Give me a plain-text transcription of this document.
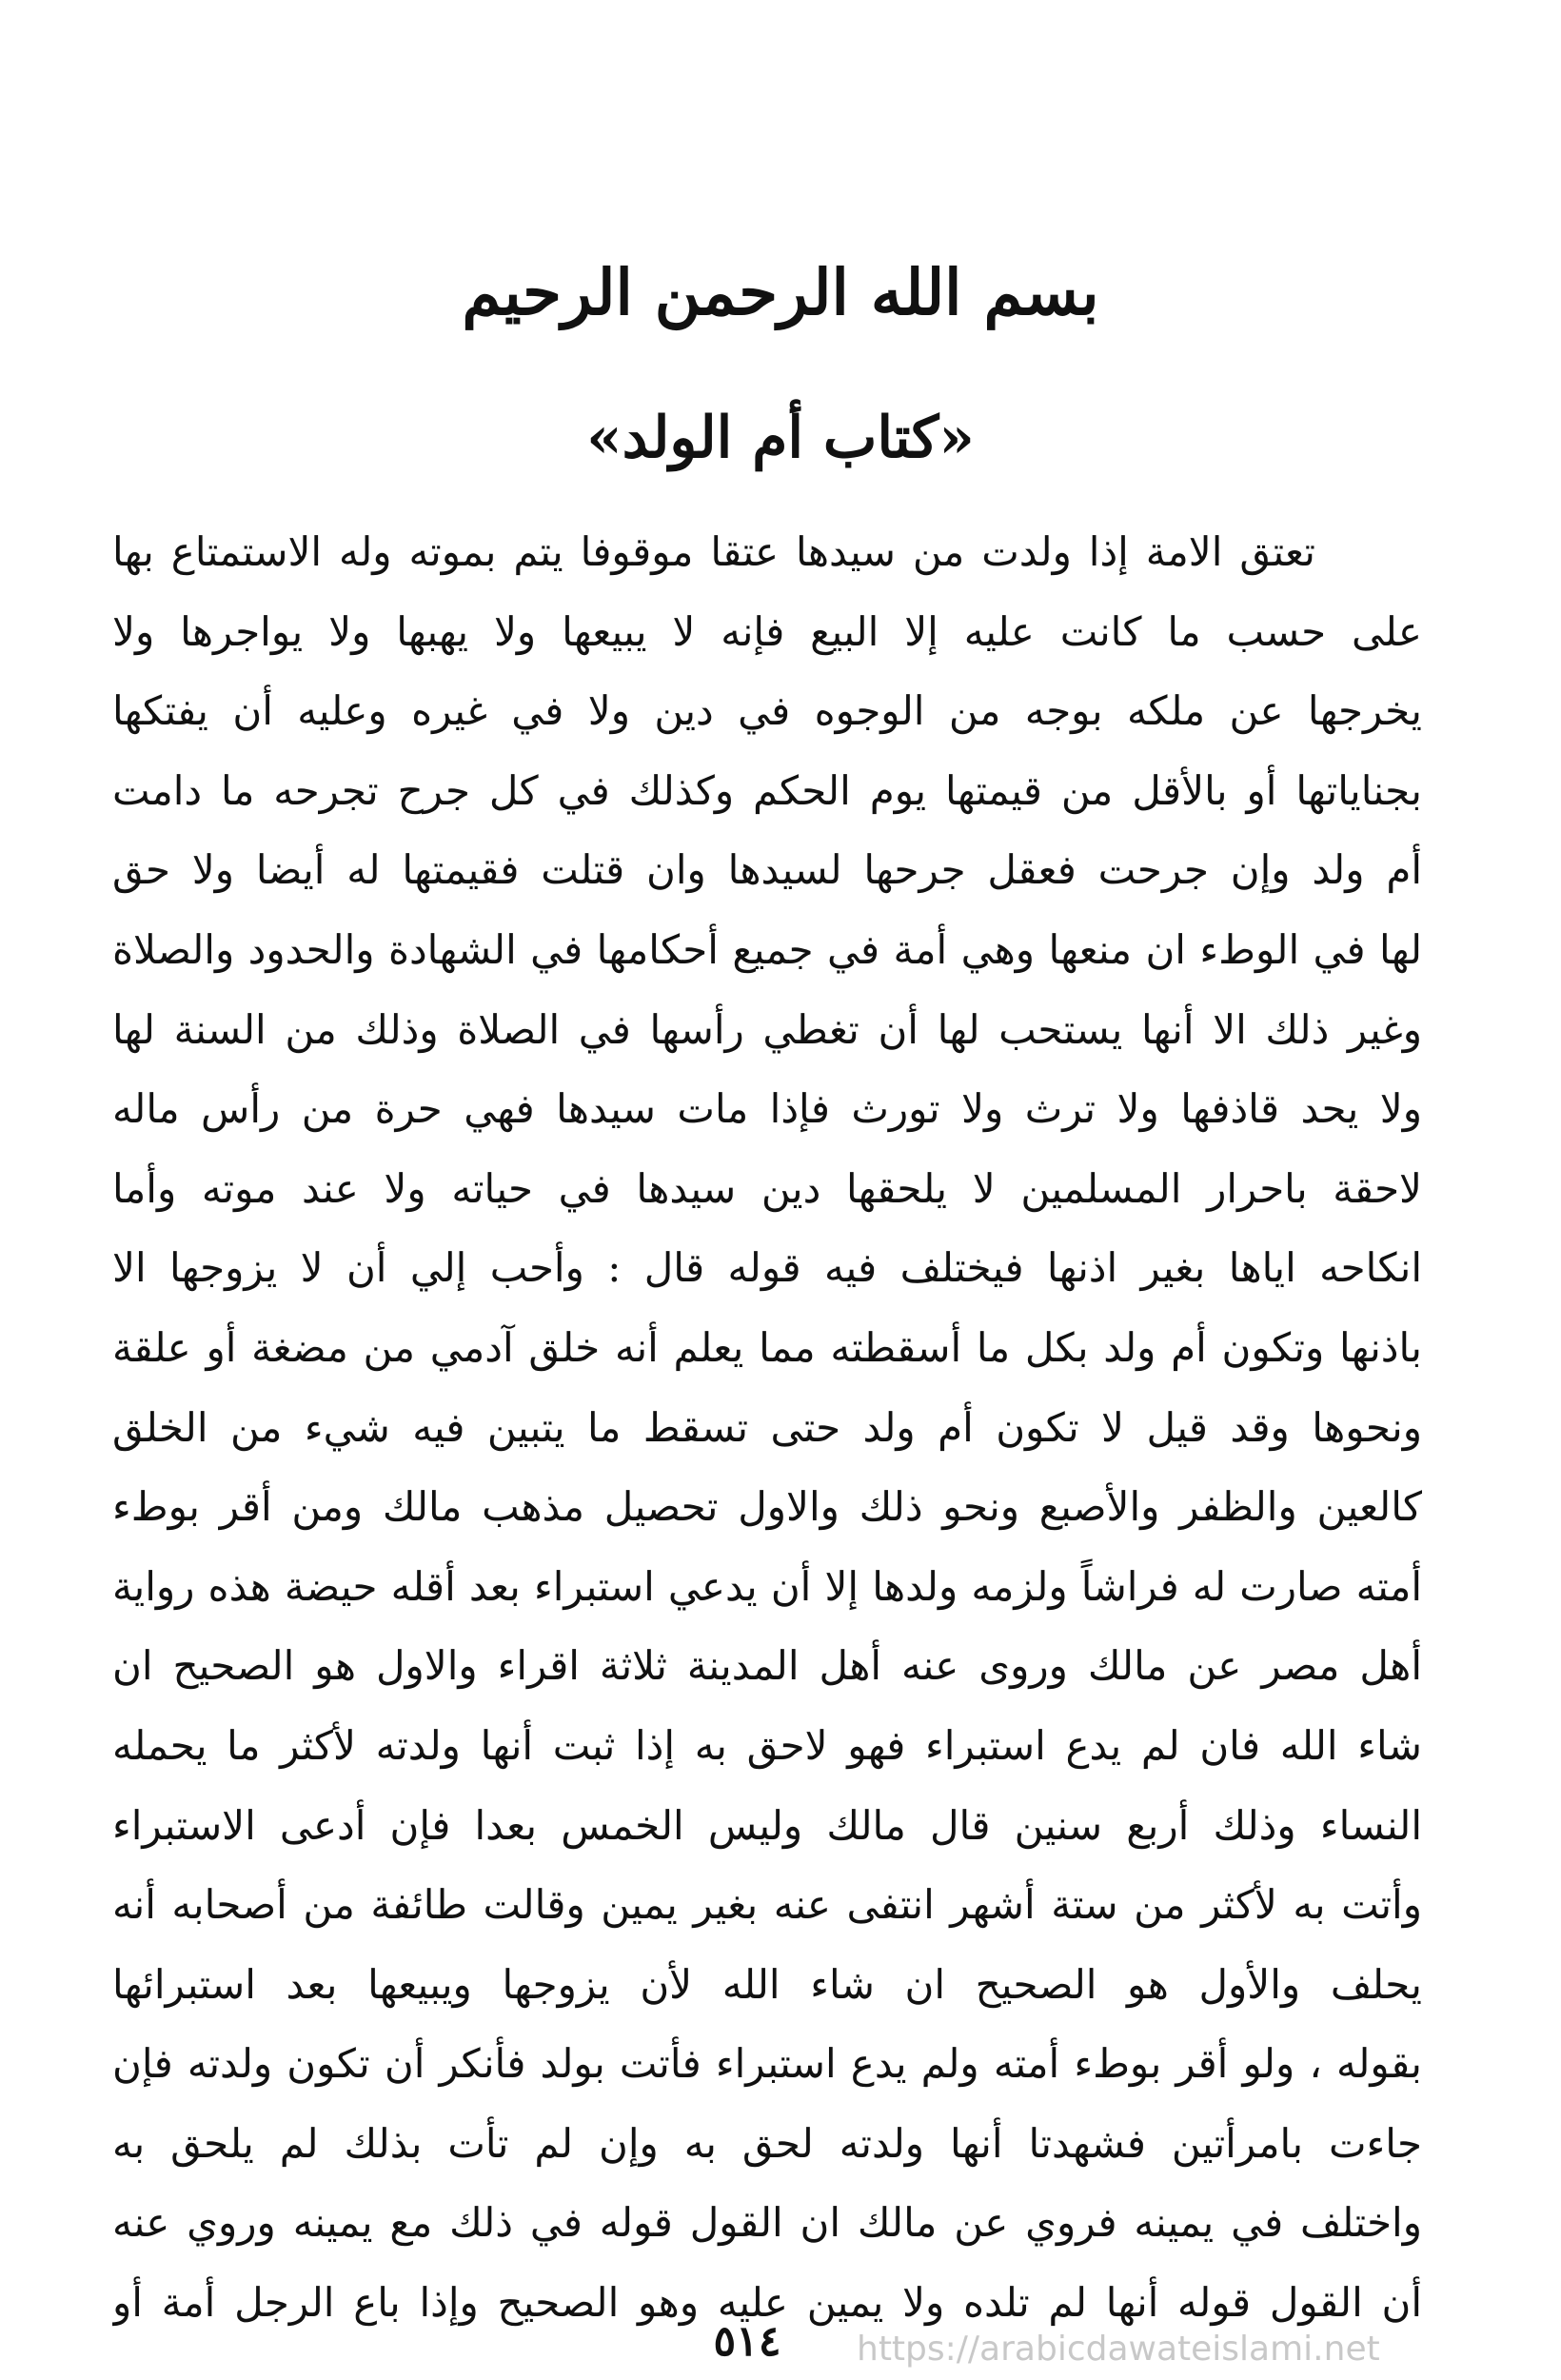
بسم الله الرحمن الرحيم
«كتاب أم الولد»
تعتق الامة إذا ولدت من سيدها عتقا موقوفا يتم بموته وله الاستمتاع بها
على حسب ما كانت عليه إلا البيع فإنه لا يبيعها ولا يهبها ولا يواجرها ولا
يخرجها عن ملكه بوجه من الوجوه في دين ولا في غيره وعليه أن يفتكها
بجناياتها أو بالأقل من قيمتها يوم الحكم وكذلك في كل جرح تجرحه ما دامت
أم ولد وإن جرحت فعقل جرحها لسيدها وان قتلت فقيمتها له أيضا ولا حق
لها في الوطء ان منعها وهي أمة في جميع أحكامها في الشهادة والحدود والصلاة
وغير ذلك الا أنها يستحب لها أن تغطي رأسها في الصلاة وذلك من السنة لها
ولا يحد قاذفها ولا ترث ولا تورث فإذا مات سيدها فهي حرة من رأس ماله
لاحقة باحرار المسلمين لا يلحقها دين سيدها في حياته ولا عند موته وأما
انكاحه اياها بغير اذنها فيختلف فيه قوله قال : وأحب إلي أن لا يزوجها الا
باذنها وتكون أم ولد بكل ما أسقطته مما يعلم أنه خلق آدمي من مضغة أو علقة
ونحوها وقد قيل لا تكون أم ولد حتى تسقط ما يتبين فيه شيء من الخلق
كالعين والظفر والأصبع ونحو ذلك والاول تحصيل مذهب مالك ومن أقر بوطء
أمته صارت له فراشاً ولزمه ولدها إلا أن يدعي استبراء بعد أقله حيضة هذه رواية
أهل مصر عن مالك وروى عنه أهل المدينة ثلاثة اقراء والاول هو الصحيح ان
شاء الله فان لم يدع استبراء فهو لاحق به إذا ثبت أنها ولدته لأكثر ما يحمله
النساء وذلك أربع سنين قال مالك وليس الخمس بعدا فإن أدعى الاستبراء
وأتت به لأكثر من ستة أشهر انتفى عنه بغير يمين وقالت طائفة من أصحابه أنه
يحلف والأول هو الصحيح ان شاء الله لأن يزوجها ويبيعها بعد استبرائها
بقوله ، ولو أقر بوطء أمته ولم يدع استبراء فأتت بولد فأنكر أن تكون ولدته فإن
جاءت بامرأتين فشهدتا أنها ولدته لحق به وإن لم تأت بذلك لم يلحق به
واختلف في يمينه فروي عن مالك ان القول قوله في ذلك مع يمينه وروي عنه
أن القول قوله أنها لم تلده ولا يمين عليه وهو الصحيح وإذا باع الرجل أمة أو
٥١٤	https://arabicdawateislami.net
